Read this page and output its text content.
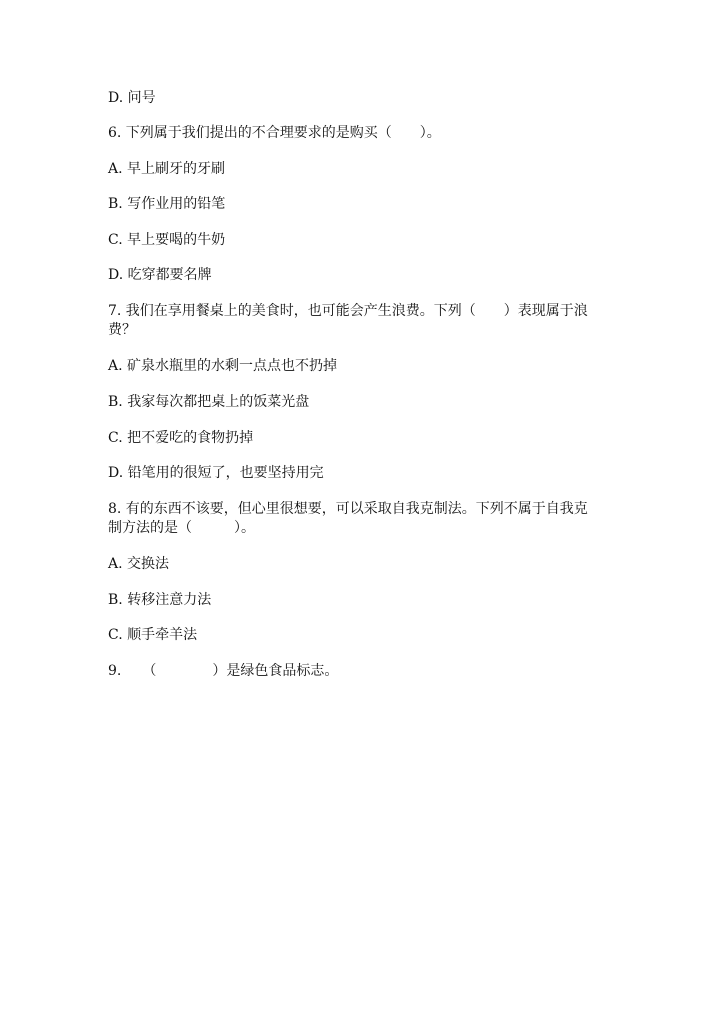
D. 问号
6. 下列属于我们提出的不合理要求的是购买（　　）。
A. 早上刷牙的牙刷
B. 写作业用的铅笔
C. 早上要喝的牛奶
D. 吃穿都要名牌
7. 我们在享用餐桌上的美食时，也可能会产生浪费。下列（　　）表现属于浪
费？
A. 矿泉水瓶里的水剩一点点也不扔掉
B. 我家每次都把桌上的饭菜光盘
C. 把不爱吃的食物扔掉
D. 铅笔用的很短了，也要坚持用完
8. 有的东西不该要，但心里很想要，可以采取自我克制法。下列不属于自我克
制方法的是（　　　）。
A. 交换法
B. 转移注意力法
C. 顺手牵羊法
9.　　（　　　　）是绿色食品标志。
